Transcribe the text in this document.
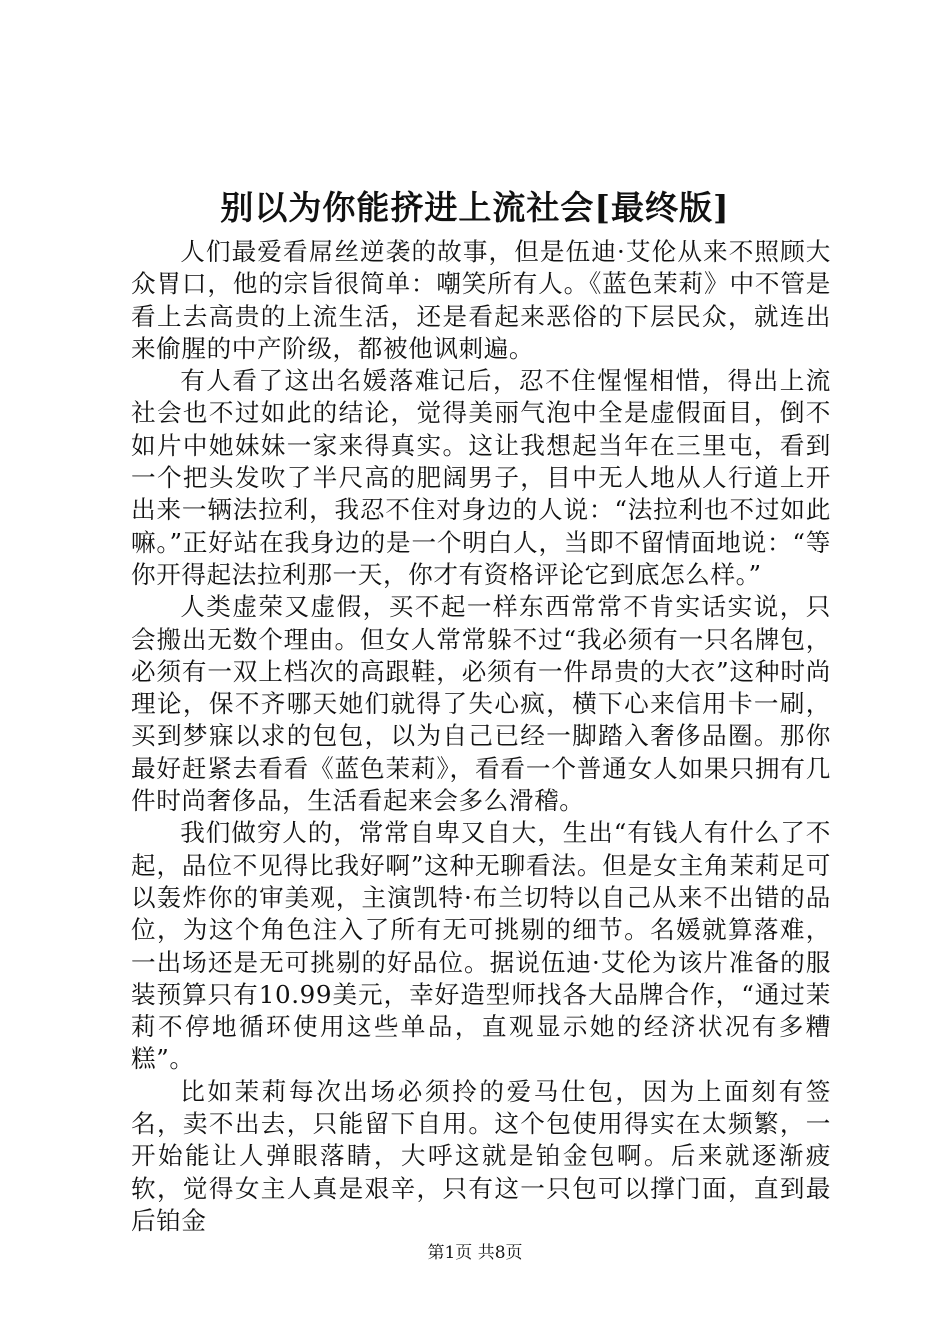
别以为你能挤进上流社会[最终版]

人们最爱看屌丝逆袭的故事，但是伍迪·艾伦从来不照顾大众胃口，他的宗旨很简单：嘲笑所有人。《蓝色茉莉》中不管是看上去高贵的上流生活，还是看起来恶俗的下层民众，就连出来偷腥的中产阶级，都被他讽刺遍。

有人看了这出名媛落难记后，忍不住惺惺相惜，得出上流社会也不过如此的结论，觉得美丽气泡中全是虚假面目，倒不如片中她妹妹一家来得真实。这让我想起当年在三里屯，看到一个把头发吹了半尺高的肥阔男子，目中无人地从人行道上开出来一辆法拉利，我忍不住对身边的人说：“法拉利也不过如此嘛。”正好站在我身边的是一个明白人，当即不留情面地说：“等你开得起法拉利那一天，你才有资格评论它到底怎么样。”

人类虚荣又虚假，买不起一样东西常常不肯实话实说，只会搬出无数个理由。但女人常常躲不过“我必须有一只名牌包，必须有一双上档次的高跟鞋，必须有一件昂贵的大衣”这种时尚理论，保不齐哪天她们就得了失心疯，横下心来信用卡一刷，买到梦寐以求的包包，以为自己已经一脚踏入奢侈品圈。那你最好赶紧去看看《蓝色茉莉》，看看一个普通女人如果只拥有几件时尚奢侈品，生活看起来会多么滑稽。

我们做穷人的，常常自卑又自大，生出“有钱人有什么了不起，品位不见得比我好啊”这种无聊看法。但是女主角茉莉足可以轰炸你的审美观，主演凯特·布兰切特以自己从来不出错的品位，为这个角色注入了所有无可挑剔的细节。名媛就算落难，一出场还是无可挑剔的好品位。据说伍迪·艾伦为该片准备的服装预算只有10.99美元，幸好造型师找各大品牌合作，“通过茉莉不停地循环使用这些单品，直观显示她的经济状况有多糟糕”。

比如茉莉每次出场必须拎的爱马仕包，因为上面刻有签名，卖不出去，只能留下自用。这个包使用得实在太频繁，一开始能让人弹眼落睛，大呼这就是铂金包啊。后来就逐渐疲软，觉得女主人真是艰辛，只有这一只包可以撑门面，直到最后铂金

第1页 共8页
